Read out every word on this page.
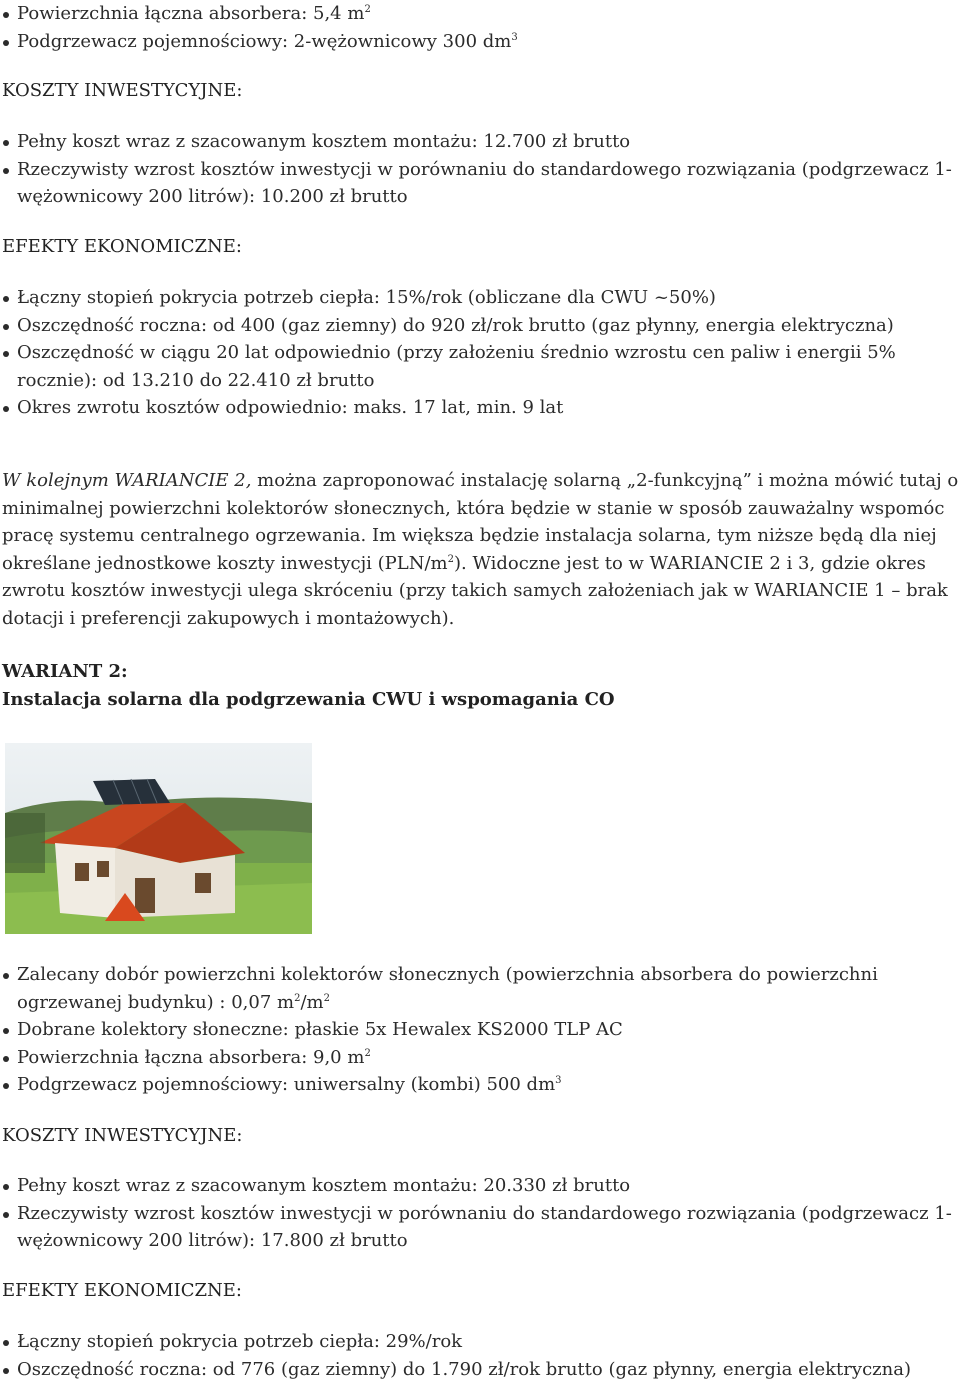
Powierzchnia łączna absorbera: 5,4 $m^2$
Podgrzewacz pojemnościowy: 2-wężownicowy 300 $dm^3$
KOSZTY INWESTYCYJNE:
Pełny koszt wraz z szacowanym kosztem montażu: 12.700 zł brutto
Rzeczywisty wzrost kosztów inwestycji w porównaniu do standardowego rozwiązania (podgrzewacz 1-wężownicowy 200 litrów): 10.200 zł brutto
EFEKTY EKONOMICZNE:
Łączny stopień pokrycia potrzeb ciepła: 15%/rok (obliczane dla CWU ~50%)
Oszczędność roczna: od 400 (gaz ziemny) do 920 zł/rok brutto (gaz płynny, energia elektryczna)
Oszczędność w ciągu 20 lat odpowiednio (przy założeniu średnio wzrostu cen paliw i energii 5% rocznie): od 13.210 do 22.410 zł brutto
Okres zwrotu kosztów odpowiednio: maks. 17 lat, min. 9 lat

W kolejnym WARIANCIE 2, można zaproponować instalację solarną „2-funkcyjną” i można mówić tutaj o minimalnej powierzchni kolektorów słonecznych, która będzie w stanie w sposób zauważalny wspomóc pracę systemu centralnego ogrzewania. Im większa będzie instalacja solarna, tym niższe będą dla niej określane jednostkowe koszty inwestycji $(PLN/m^2)$. Widoczne jest to w WARIANCIE 2 i 3, gdzie okres zwrotu kosztów inwestycji ulega skróceniu (przy takich samych założeniach jak w WARIANCIE 1 – brak dotacji i preferencji zakupowych i montażowych).

WARIANT 2:
Instalacja solarna dla podgrzewania CWU i wspomagania CO
Zalecany dobór powierzchni kolektorów słonecznych (powierzchnia absorbera do powierzchni ogrzewanej budynku) : 0,07 $m^2/m^2$
Dobrane kolektory słoneczne: płaskie 5x Hewalex KS2000 TLP AC
Powierzchnia łączna absorbera: 9,0 $m^2$
Podgrzewacz pojemnościowy: uniwersalny (kombi) 500 $dm^3$
KOSZTY INWESTYCYJNE:
Pełny koszt wraz z szacowanym kosztem montażu: 20.330 zł brutto
Rzeczywisty wzrost kosztów inwestycji w porównaniu do standardowego rozwiązania (podgrzewacz 1-wężownicowy 200 litrów): 17.800 zł brutto
EFEKTY EKONOMICZNE:
Łączny stopień pokrycia potrzeb ciepła: 29%/rok
Oszczędność roczna: od 776 (gaz ziemny) do 1.790 zł/rok brutto (gaz płynny, energia elektryczna)
